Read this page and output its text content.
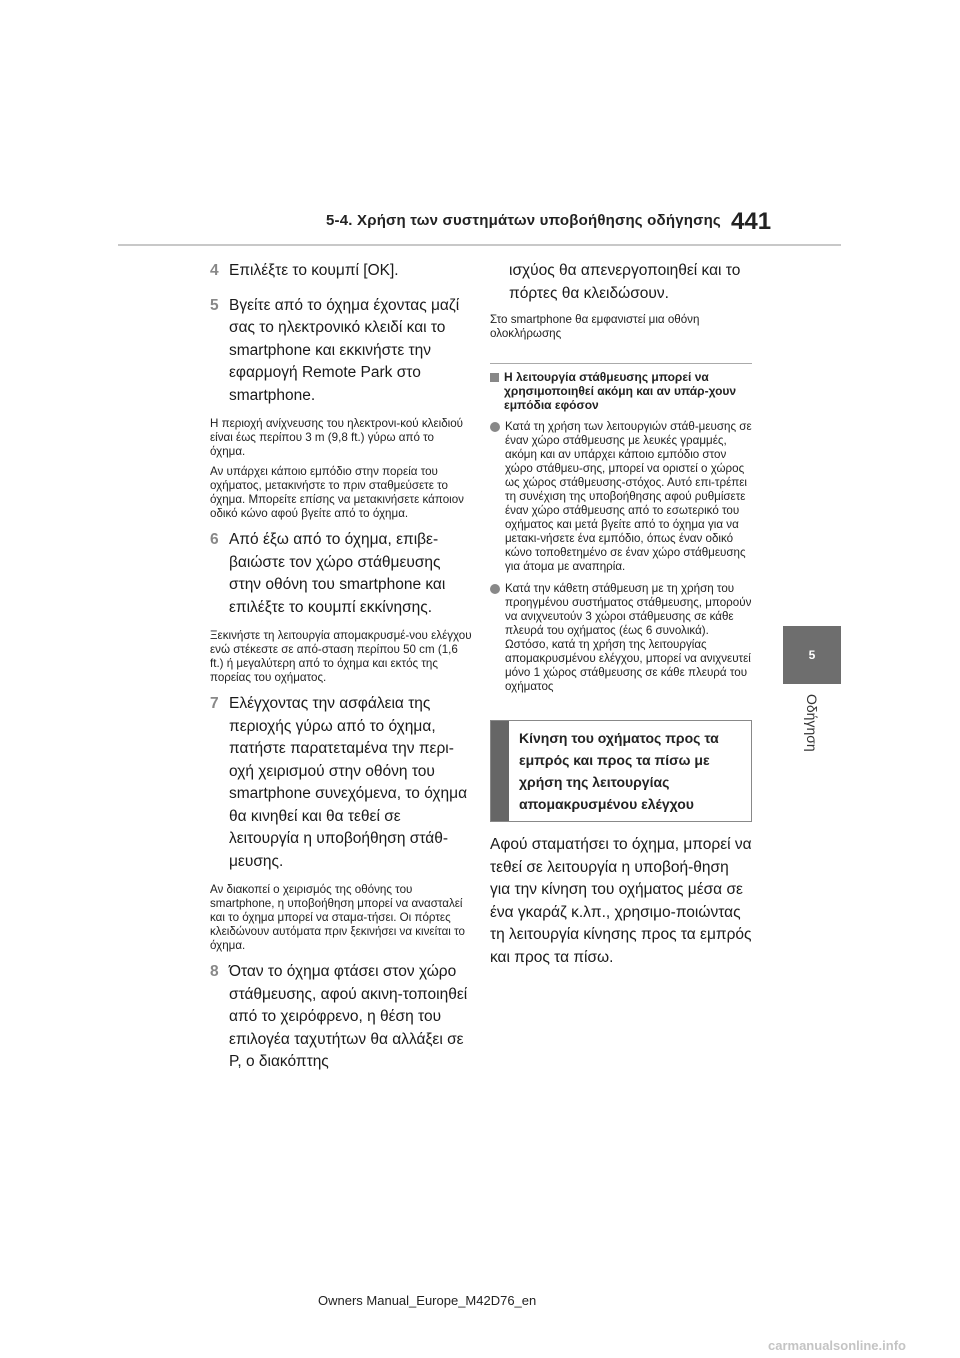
5-4. Χρήση των συστημάτων υποβοήθησης οδήγησης 441
4 Επιλέξτε το κουμπί [OK].
5 Βγείτε από το όχημα έχοντας μαζί σας το ηλεκτρονικό κλειδί και το smartphone και εκκινήστε την εφαρμογή Remote Park στο smartphone.
Η περιοχή ανίχνευσης του ηλεκτρονι-κού κλειδιού είναι έως περίπου 3 m (9,8 ft.) γύρω από το όχημα.
Αν υπάρχει κάποιο εμπόδιο στην πορεία του οχήματος, μετακινήστε το πριν σταθμεύσετε το όχημα. Μπορείτε επίσης να μετακινήσετε κάποιον οδικό κώνο αφού βγείτε από το όχημα.
6 Από έξω από το όχημα, επιβε-βαιώστε τον χώρο στάθμευσης στην οθόνη του smartphone και επιλέξτε το κουμπί εκκίνησης.
Ξεκινήστε τη λειτουργία απομακρυσμέ-νου ελέγχου ενώ στέκεστε σε από-σταση περίπου 50 cm (1,6 ft.) ή μεγαλύτερη από το όχημα και εκτός της πορείας του οχήματος.
7 Ελέγχοντας την ασφάλεια της περιοχής γύρω από το όχημα, πατήστε παρατεταμένα την περι-οχή χειρισμού στην οθόνη του smartphone συνεχόμενα, το όχημα θα κινηθεί και θα τεθεί σε λειτουργία η υποβοήθηση στάθ-μευσης.
Αν διακοπεί ο χειρισμός της οθόνης του smartphone, η υποβοήθηση μπορεί να ανασταλεί και το όχημα μπορεί να σταμα-τήσει. Οι πόρτες κλειδώνουν αυτόματα πριν ξεκινήσει να κινείται το όχημα.
8 Όταν το όχημα φτάσει στον χώρο στάθμευσης, αφού ακινη-τοποιηθεί από το χειρόφρενο, η θέση του επιλογέα ταχυτήτων θα αλλάξει σε P, ο διακόπτης
ισχύος θα απενεργοποιηθεί και το πόρτες θα κλειδώσουν.
Στο smartphone θα εμφανιστεί μια οθόνη ολοκλήρωσης
Η λειτουργία στάθμευσης μπορεί να χρησιμοποιηθεί ακόμη και αν υπάρ-χουν εμπόδια εφόσον
Κατά τη χρήση των λειτουργιών στάθ-μευσης σε έναν χώρο στάθμευσης με λευκές γραμμές, ακόμη και αν υπάρχει κάποιο εμπόδιο στον χώρο στάθμευ-σης, μπορεί να οριστεί ο χώρος ως χώρος στάθμευσης-στόχος. Αυτό επι-τρέπει τη συνέχιση της υποβοήθησης αφού ρυθμίσετε έναν χώρο στάθμευσης από το εσωτερικό του οχήματος και μετά βγείτε από το όχημα για να μετακι-νήσετε ένα εμπόδιο, όπως έναν οδικό κώνο τοποθετημένο σε έναν χώρο στάθμευσης για άτομα με αναπηρία.
Κατά την κάθετη στάθμευση με τη χρήση του προηγμένου συστήματος στάθμευσης, μπορούν να ανιχνευτούν 3 χώροι στάθμευσης σε κάθε πλευρά του οχήματος (έως 6 συνολικά). Ωστόσο, κατά τη χρήση της λειτουργίας απομακρυσμένου ελέγχου, μπορεί να ανιχνευτεί μόνο 1 χώρος στάθμευσης σε κάθε πλευρά του οχήματος
Κίνηση του οχήματος προς τα εμπρός και προς τα πίσω με χρήση της λειτουργίας απομακρυσμένου ελέγχου
Αφού σταματήσει το όχημα, μπορεί να τεθεί σε λειτουργία η υποβοή-θηση για την κίνηση του οχήματος μέσα σε ένα γκαράζ κ.λπ., χρησιμο-ποιώντας τη λειτουργία κίνησης προς τα εμπρός και προς τα πίσω.
5
Οδήγηση
Owners Manual_Europe_M42D76_en
carmanualsonline.info
